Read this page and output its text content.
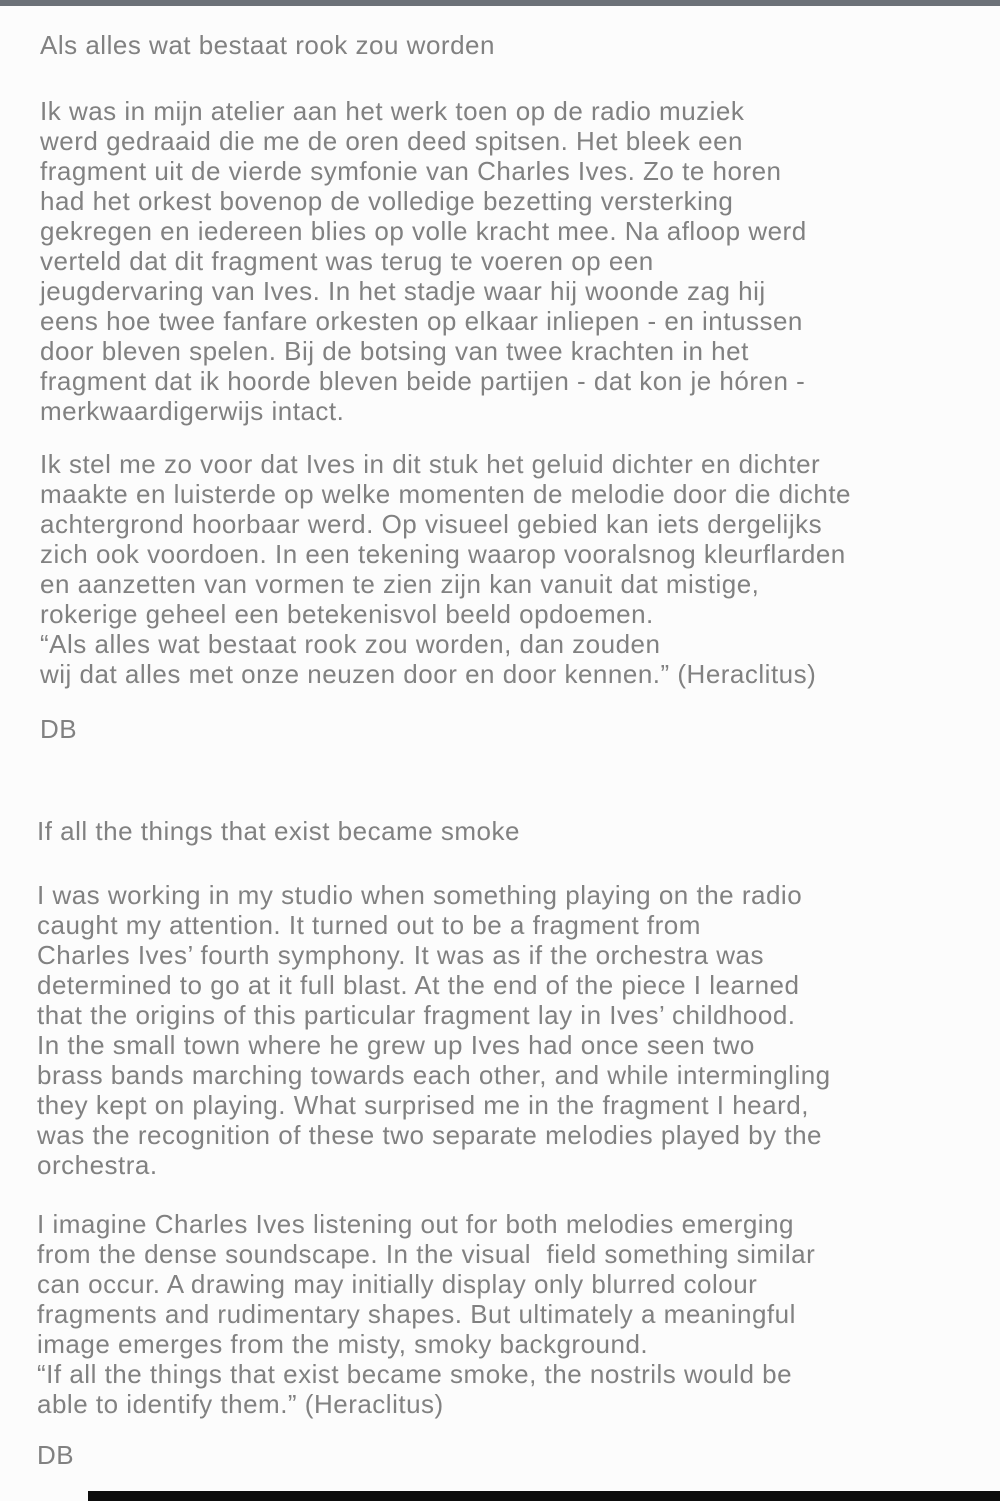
Als alles wat bestaat rook zou worden
Ik was in mijn atelier aan het werk toen op de radio muziek
werd gedraaid die me de oren deed spitsen. Het bleek een
fragment uit de vierde symfonie van Charles Ives. Zo te horen
had het orkest bovenop de volledige bezetting versterking
gekregen en iedereen blies op volle kracht mee. Na afloop werd
verteld dat dit fragment was terug te voeren op een
jeugdervaring van Ives. In het stadje waar hij woonde zag hij
eens hoe twee fanfare orkesten op elkaar inliepen - en intussen
door bleven spelen. Bij de botsing van twee krachten in het
fragment dat ik hoorde bleven beide partijen - dat kon je hóren -
merkwaardigerwijs intact.
Ik stel me zo voor dat Ives in dit stuk het geluid dichter en dichter
maakte en luisterde op welke momenten de melodie door die dichte
achtergrond hoorbaar werd. Op visueel gebied kan iets dergelijks
zich ook voordoen. In een tekening waarop vooralsnog kleurflarden
en aanzetten van vormen te zien zijn kan vanuit dat mistige,
rokerige geheel een betekenisvol beeld opdoemen.
“Als alles wat bestaat rook zou worden, dan zouden
wij dat alles met onze neuzen door en door kennen.” (Heraclitus)
DB
If all the things that exist became smoke
I was working in my studio when something playing on the radio
caught my attention. It turned out to be a fragment from
Charles Ives’ fourth symphony. It was as if the orchestra was
determined to go at it full blast. At the end of the piece I learned
that the origins of this particular fragment lay in Ives’ childhood.
In the small town where he grew up Ives had once seen two
brass bands marching towards each other, and while intermingling
they kept on playing. What surprised me in the fragment I heard,
was the recognition of these two separate melodies played by the
orchestra.
I imagine Charles Ives listening out for both melodies emerging
from the dense soundscape. In the visual  field something similar
can occur. A drawing may initially display only blurred colour
fragments and rudimentary shapes. But ultimately a meaningful
image emerges from the misty, smoky background.
“If all the things that exist became smoke, the nostrils would be
able to identify them.” (Heraclitus)
DB
